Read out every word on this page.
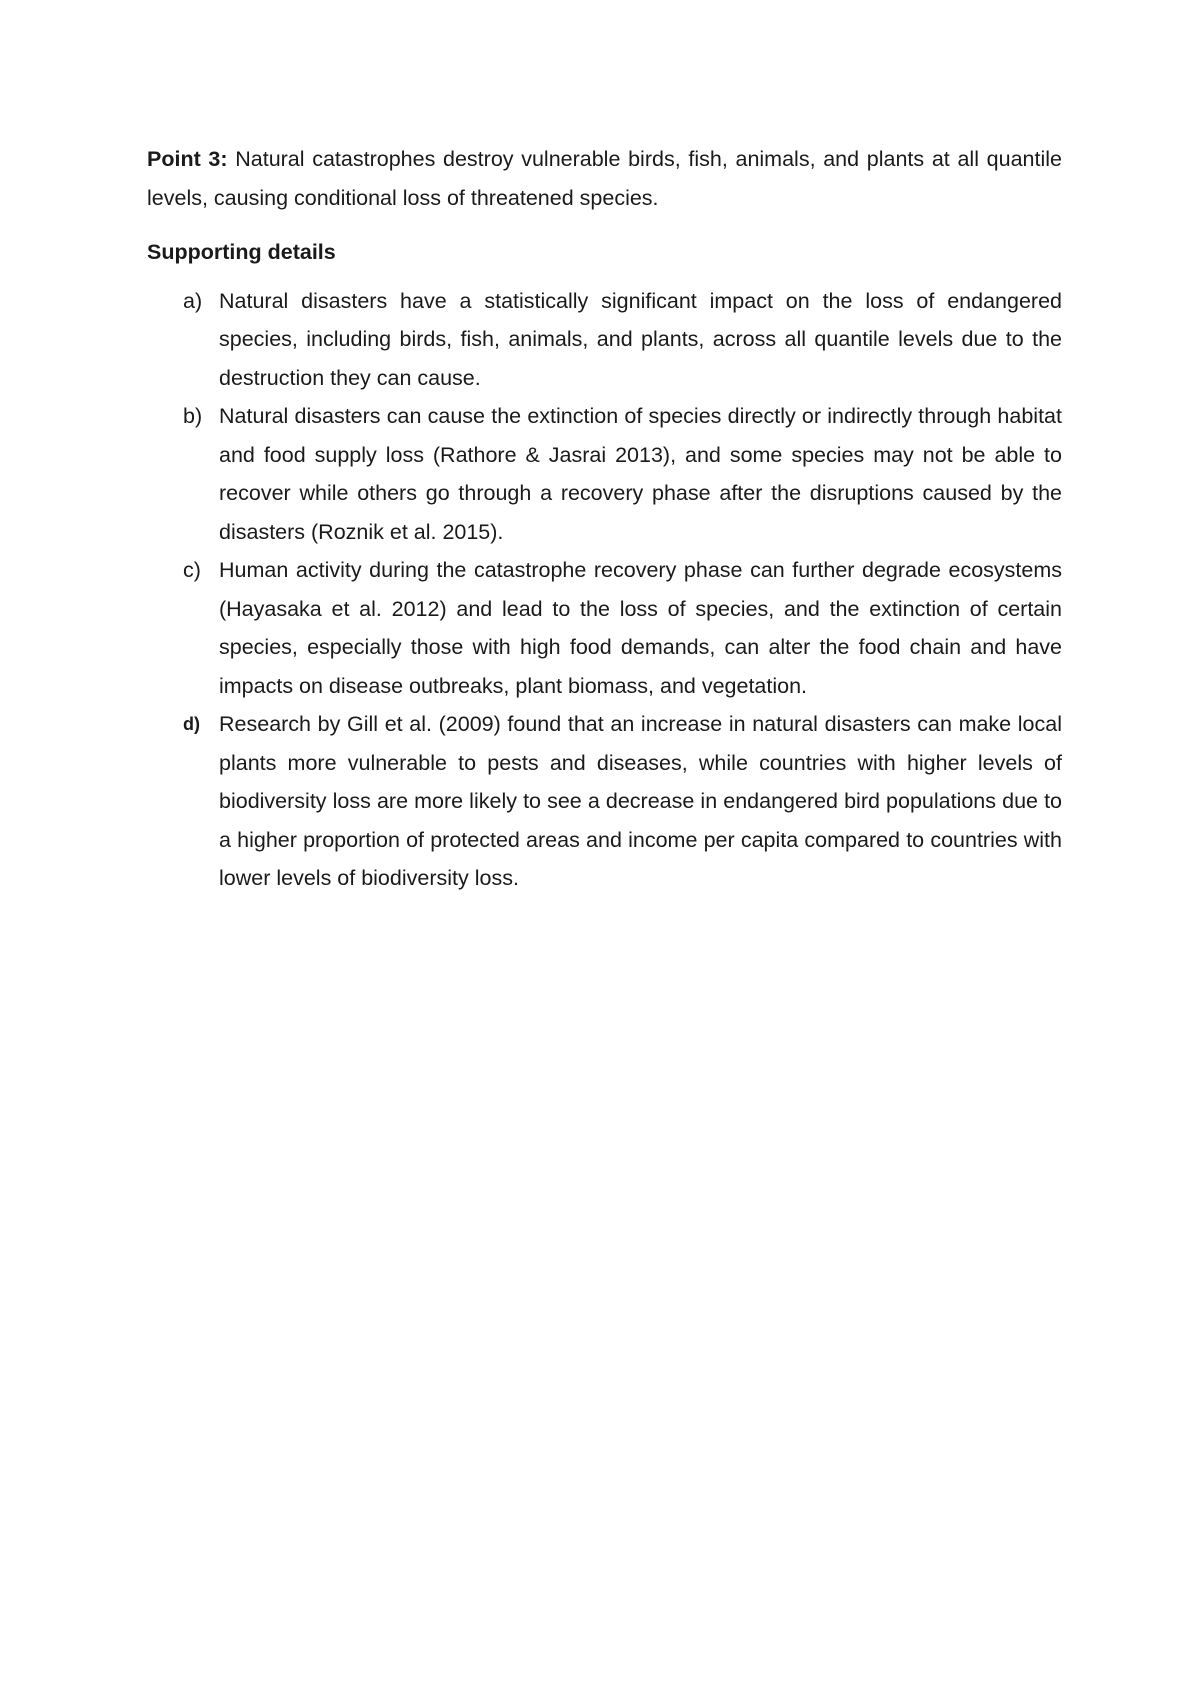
Point 3: Natural catastrophes destroy vulnerable birds, fish, animals, and plants at all quantile levels, causing conditional loss of threatened species.

Supporting details
a) Natural disasters have a statistically significant impact on the loss of endangered species, including birds, fish, animals, and plants, across all quantile levels due to the destruction they can cause.
b) Natural disasters can cause the extinction of species directly or indirectly through habitat and food supply loss (Rathore & Jasrai 2013), and some species may not be able to recover while others go through a recovery phase after the disruptions caused by the disasters (Roznik et al. 2015).
c) Human activity during the catastrophe recovery phase can further degrade ecosystems (Hayasaka et al. 2012) and lead to the loss of species, and the extinction of certain species, especially those with high food demands, can alter the food chain and have impacts on disease outbreaks, plant biomass, and vegetation.
d) Research by Gill et al. (2009) found that an increase in natural disasters can make local plants more vulnerable to pests and diseases, while countries with higher levels of biodiversity loss are more likely to see a decrease in endangered bird populations due to a higher proportion of protected areas and income per capita compared to countries with lower levels of biodiversity loss.
